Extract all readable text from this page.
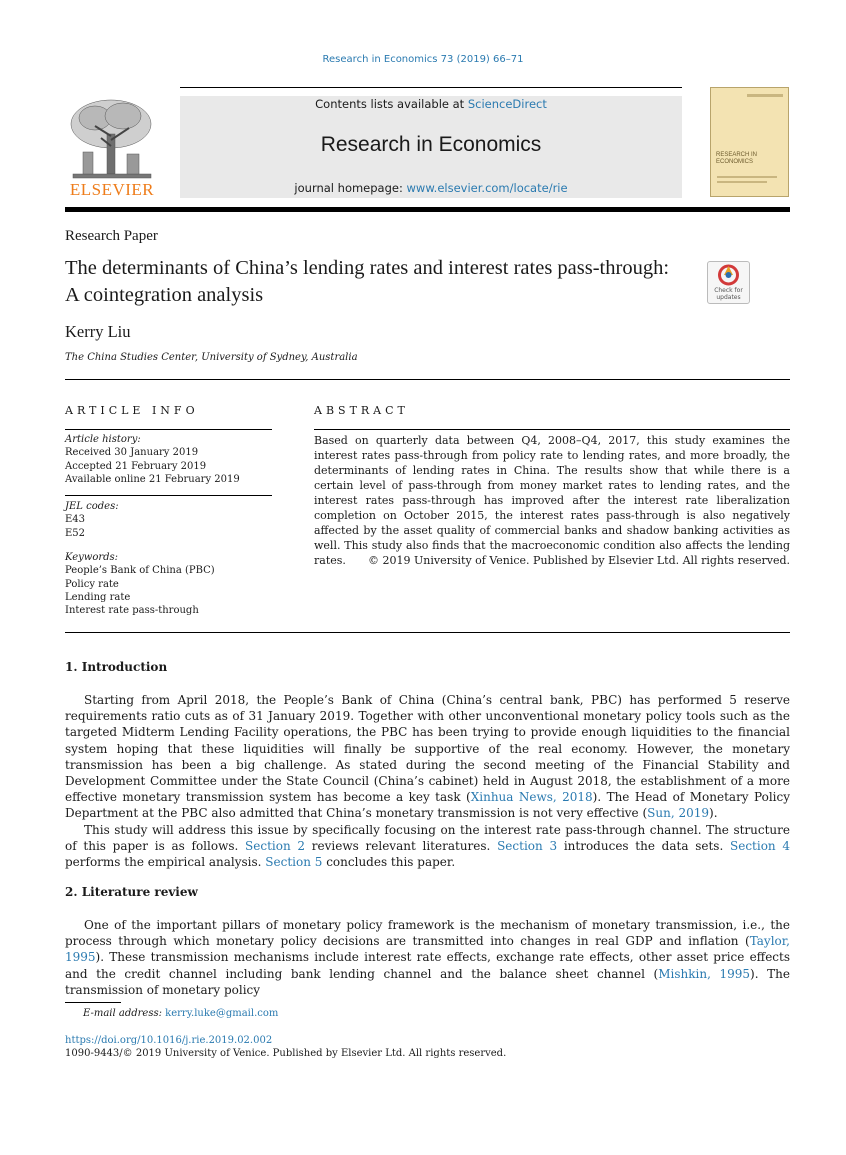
Research in Economics 73 (2019) 66–71
ELSEVIER
Contents lists available at ScienceDirect
Research in Economics
journal homepage: www.elsevier.com/locate/rie
RESEARCH IN ECONOMICS
Research Paper
The determinants of China’s lending rates and interest rates pass-through: A cointegration analysis	Check for updates
Kerry Liu
The China Studies Center, University of Sydney, Australia
ARTICLE INFO
Article history:
Received 30 January 2019
Accepted 21 February 2019
Available online 21 February 2019
JEL codes:
E43
E52
Keywords:
People’s Bank of China (PBC)
Policy rate
Lending rate
Interest rate pass-through
ABSTRACT
Based on quarterly data between Q4, 2008–Q4, 2017, this study examines the interest rates pass-through from policy rate to lending rates, and more broadly, the determinants of lending rates in China. The results show that while there is a certain level of pass-through from money market rates to lending rates, and the interest rates pass-through has improved after the interest rate liberalization completion on October 2015, the interest rates pass-through is also negatively affected by the asset quality of commercial banks and shadow banking activities as well. This study also finds that the macroeconomic condition also affects the lending rates.	© 2019 University of Venice. Published by Elsevier Ltd. All rights reserved.
1. Introduction

Starting from April 2018, the People’s Bank of China (China’s central bank, PBC) has performed 5 reserve requirements ratio cuts as of 31 January 2019. Together with other unconventional monetary policy tools such as the targeted Midterm Lending Facility operations, the PBC has been trying to provide enough liquidities to the financial system hoping that these liquidities will finally be supportive of the real economy. However, the monetary transmission has been a big challenge. As stated during the second meeting of the Financial Stability and Development Committee under the State Council (China’s cabinet) held in August 2018, the establishment of a more effective monetary transmission system has become a key task (Xinhua News, 2018). The Head of Monetary Policy Department at the PBC also admitted that China’s monetary transmission is not very effective (Sun, 2019).

This study will address this issue by specifically focusing on the interest rate pass-through channel. The structure of this paper is as follows. Section 2 reviews relevant literatures. Section 3 introduces the data sets. Section 4 performs the empirical analysis. Section 5 concludes this paper.

2. Literature review

One of the important pillars of monetary policy framework is the mechanism of monetary transmission, i.e., the process through which monetary policy decisions are transmitted into changes in real GDP and inflation (Taylor, 1995). These transmission mechanisms include interest rate effects, exchange rate effects, other asset price effects and the credit channel including bank lending channel and the balance sheet channel (Mishkin, 1995). The transmission of monetary policy

E-mail address: kerry.luke@gmail.com
https://doi.org/10.1016/j.rie.2019.02.002
1090-9443/© 2019 University of Venice. Published by Elsevier Ltd. All rights reserved.
